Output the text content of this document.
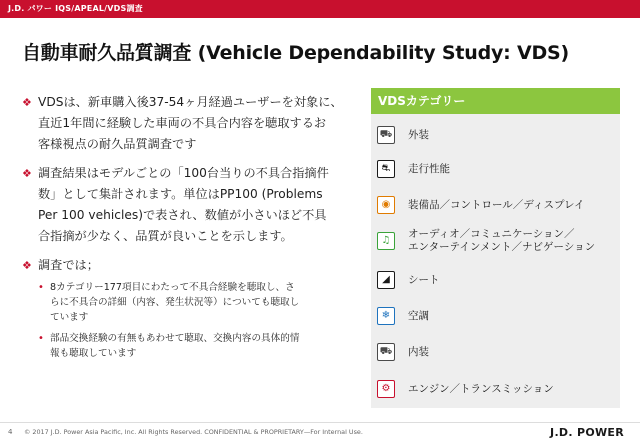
J.D. パワー IQS/APEAL/VDS調査
自動車耐久品質調査 (Vehicle Dependability Study: VDS)
❖ VDSは、新車購入後37-54ヶ月経過ユーザーを対象に、
直近1年間に経験した車両の不具合内容を聴取するお
客様視点の耐久品質調査です
❖ 調査結果はモデルごとの「100台当りの不具合指摘件
数」として集計されます。単位はPP100 (Problems
Per 100 vehicles)で表され、数値が小さいほど不具
合指摘が少なく、品質が良いことを示します。
❖ 調査では；
• 8カテゴリー177項目にわたって不具合経験を聴取し、さ
らに不具合の詳細（内容、発生状況等）についても聴取し
ています
• 部品交換経験の有無もあわせて聴取、交換内容の具体的情
報も聴取しています
VDSカテゴリー
⛟ 外装
⛐	走行性能
◉	装備品／コントロール／ディスプレイ
♫
オーディオ／コミュニケーション／
エンターテインメント／ナビゲーション
◢	シート
❄	空調
⛟ 内装
⚙	エンジン／トランスミッション
4 © 2017 J.D. Power Asia Pacific, Inc. All Rights Reserved. CONFIDENTIAL & PROPRIETARY—For Internal Use.	J.D. POWER
